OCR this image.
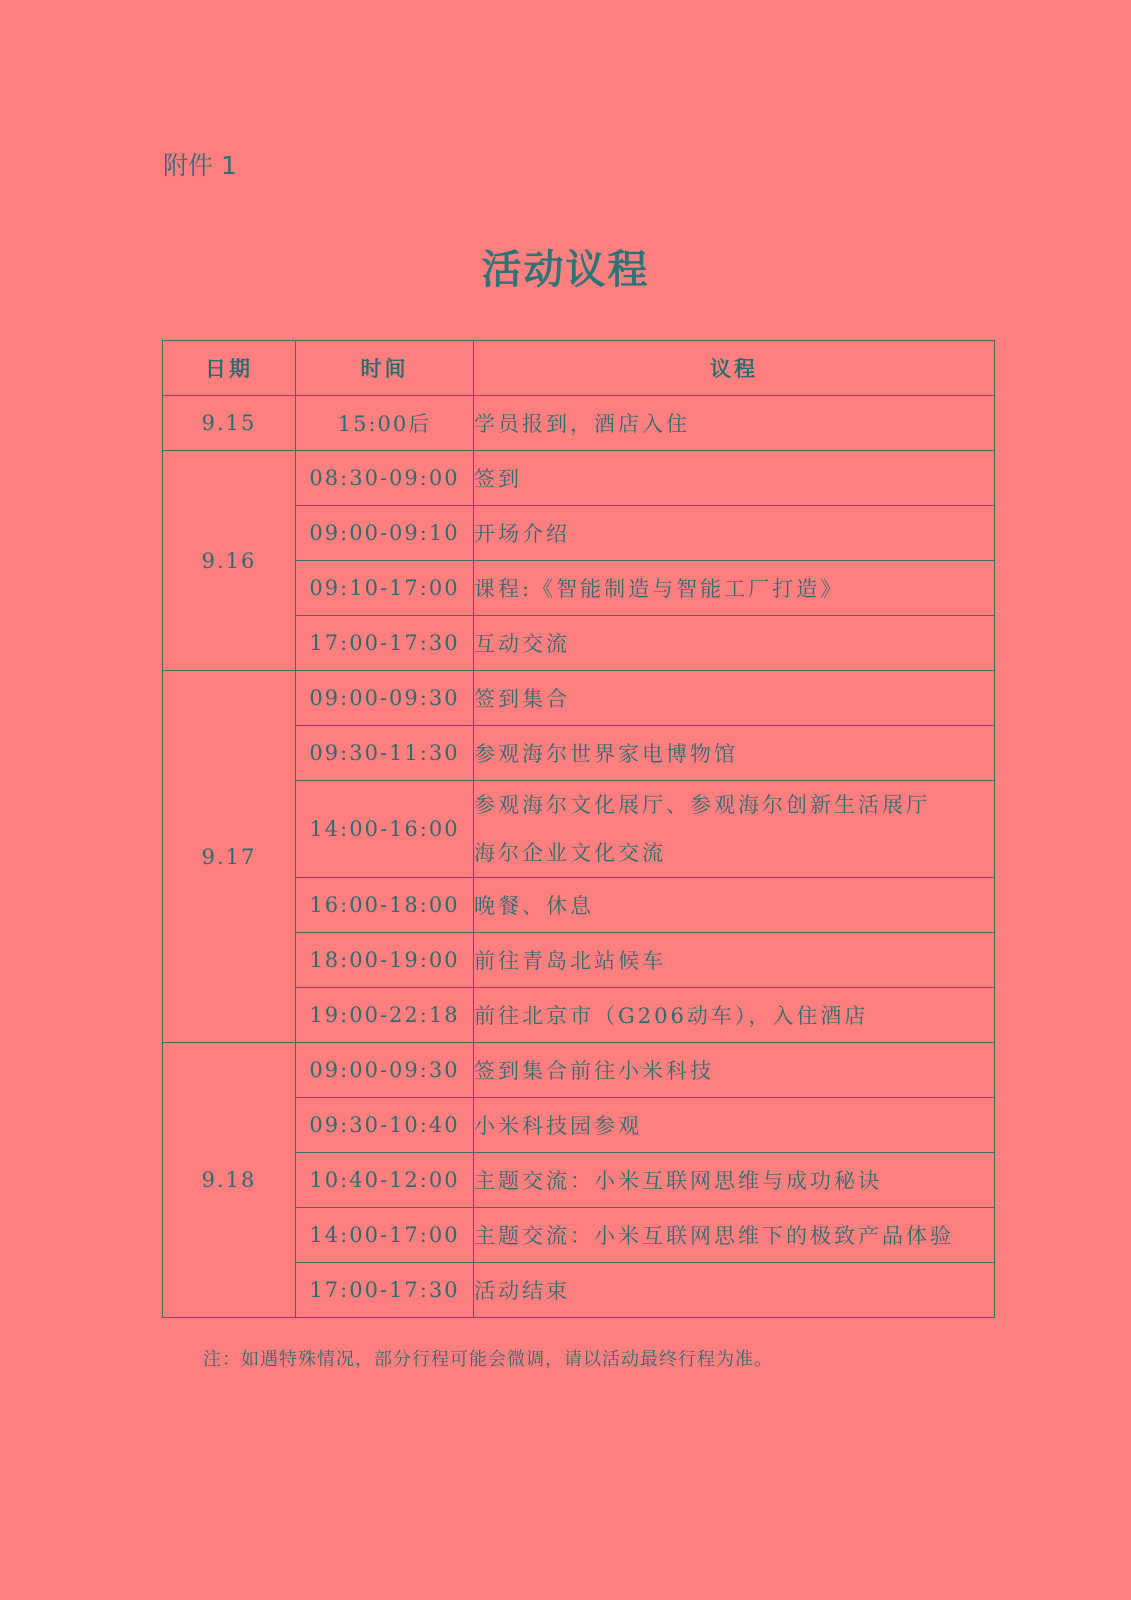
附件 1
活动议程
日期	时间	议程
9.15	15:00后	学员报到，酒店入住

9.16	08:30-09:00	签到

	09:00-09:10	开场介绍

	09:10-17:00	课程:《智能制造与智能工厂打造》

	17:00-17:30	互动交流

9.17	09:00-09:30	签到集合

	09:30-11:30	参观海尔世界家电博物馆

	14:00-16:00	参观海尔文化展厅、参观海尔创新生活展厅
海尔企业文化交流

	16:00-18:00	晚餐、休息

	18:00-19:00	前往青岛北站候车

	19:00-22:18	前往北京市（G206动车），入住酒店

9.18	09:00-09:30	签到集合前往小米科技

	09:30-10:40	小米科技园参观

	10:40-12:00	主题交流：小米互联网思维与成功秘诀

	14:00-17:00	主题交流：小米互联网思维下的极致产品体验

	17:00-17:30	活动结束
注：如遇特殊情况，部分行程可能会微调，请以活动最终行程为准。
